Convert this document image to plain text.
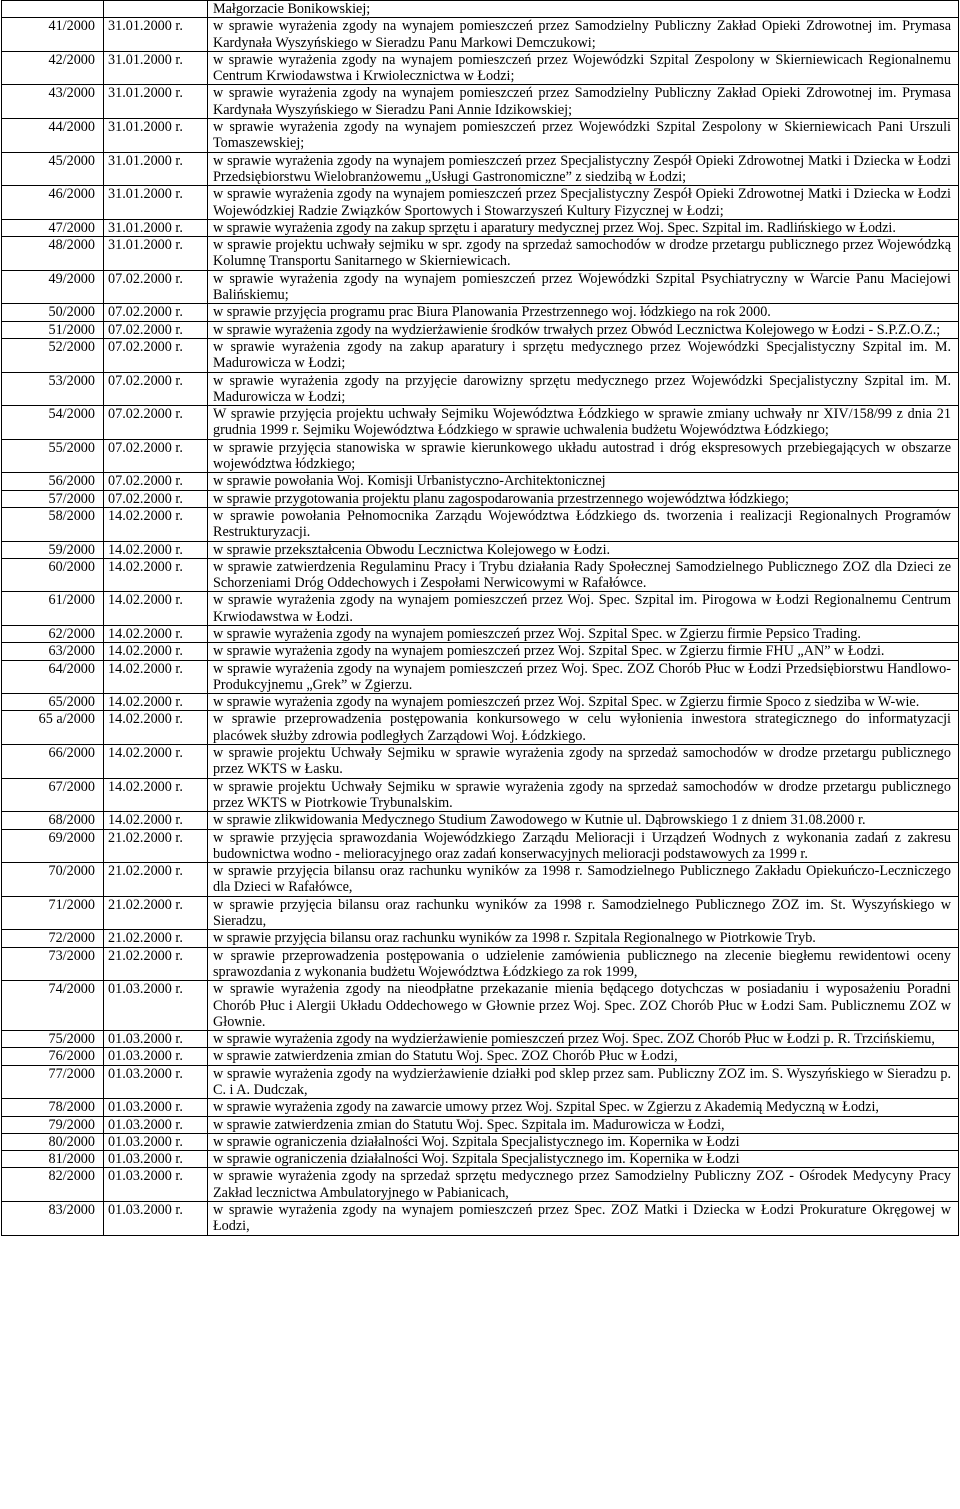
		Małgorzacie Bonikowskiej;
41/2000	31.01.2000 r.	w sprawie wyrażenia zgody na wynajem pomieszczeń przez Samodzielny Publiczny Zakład Opieki Zdrowotnej im. Prymasa Kardynała Wyszyńskiego w Sieradzu Panu Markowi Demczukowi;
42/2000	31.01.2000 r.	w sprawie wyrażenia zgody na wynajem pomieszczeń przez Wojewódzki Szpital Zespolony w Skierniewicach Regionalnemu Centrum Krwiodawstwa i Krwiolecznictwa w Łodzi;
43/2000	31.01.2000 r.	w sprawie wyrażenia zgody na wynajem pomieszczeń przez Samodzielny Publiczny Zakład Opieki Zdrowotnej im. Prymasa Kardynała Wyszyńskiego w Sieradzu Pani Annie Idzikowskiej;
44/2000	31.01.2000 r.	w sprawie wyrażenia zgody na wynajem pomieszczeń przez Wojewódzki Szpital Zespolony w Skierniewicach Pani Urszuli Tomaszewskiej;
45/2000	31.01.2000 r.	w sprawie wyrażenia zgody na wynajem pomieszczeń przez Specjalistyczny Zespół Opieki Zdrowotnej Matki i Dziecka w Łodzi Przedsiębiorstwu Wielobranżowemu „Usługi Gastronomiczne” z siedzibą w Łodzi;
46/2000	31.01.2000 r.	w sprawie wyrażenia zgody na wynajem pomieszczeń przez Specjalistyczny Zespół Opieki Zdrowotnej Matki i Dziecka w Łodzi Wojewódzkiej Radzie Związków Sportowych i Stowarzyszeń Kultury Fizycznej w Łodzi;
47/2000	31.01.2000 r.	w sprawie wyrażenia zgody na zakup sprzętu i aparatury medycznej przez Woj. Spec. Szpital im. Radlińskiego w Łodzi.
48/2000	31.01.2000 r.	w sprawie projektu uchwały sejmiku w spr. zgody na sprzedaż samochodów w drodze przetargu publicznego przez Wojewódzką Kolumnę Transportu Sanitarnego w Skierniewicach.
49/2000	07.02.2000 r.	w sprawie wyrażenia zgody na wynajem pomieszczeń przez Wojewódzki Szpital Psychiatryczny w Warcie Panu Maciejowi Balińskiemu;
50/2000	07.02.2000 r.	w sprawie przyjęcia programu prac Biura Planowania Przestrzennego woj. łódzkiego na rok 2000.
51/2000	07.02.2000 r.	w sprawie wyrażenia zgody na wydzierżawienie środków trwałych przez Obwód Lecznictwa Kolejowego w Łodzi - S.P.Z.O.Z.;
52/2000	07.02.2000 r.	w sprawie wyrażenia zgody na zakup aparatury i sprzętu medycznego przez Wojewódzki Specjalistyczny Szpital im. M. Madurowicza w Łodzi;
53/2000	07.02.2000 r.	w sprawie wyrażenia zgody na przyjęcie darowizny sprzętu medycznego przez Wojewódzki Specjalistyczny Szpital im. M. Madurowicza w Łodzi;
54/2000	07.02.2000 r.	W sprawie przyjęcia projektu uchwały Sejmiku Województwa Łódzkiego w sprawie zmiany uchwały nr XIV/158/99 z dnia 21 grudnia 1999 r. Sejmiku Województwa Łódzkiego w sprawie uchwalenia budżetu Województwa Łódzkiego;
55/2000	07.02.2000 r.	w sprawie przyjęcia stanowiska w sprawie kierunkowego układu autostrad i dróg ekspresowych przebiegających w obszarze województwa łódzkiego;
56/2000	07.02.2000 r.	w sprawie powołania Woj. Komisji Urbanistyczno-Architektonicznej
57/2000	07.02.2000 r.	w sprawie przygotowania projektu planu zagospodarowania przestrzennego województwa łódzkiego;
58/2000	14.02.2000 r.	w sprawie powołania Pełnomocnika Zarządu Województwa Łódzkiego ds. tworzenia i realizacji Regionalnych Programów Restrukturyzacji.
59/2000	14.02.2000 r.	w sprawie przekształcenia Obwodu Lecznictwa Kolejowego w Łodzi.
60/2000	14.02.2000 r.	w sprawie zatwierdzenia Regulaminu Pracy i Trybu działania Rady Społecznej Samodzielnego Publicznego ZOZ dla Dzieci ze Schorzeniami Dróg Oddechowych i Zespołami Nerwicowymi w Rafałówce.
61/2000	14.02.2000 r.	w sprawie wyrażenia zgody na wynajem pomieszczeń przez Woj. Spec. Szpital im. Pirogowa w Łodzi Regionalnemu Centrum Krwiodawstwa w Łodzi.
62/2000	14.02.2000 r.	w sprawie wyrażenia zgody na wynajem pomieszczeń przez Woj. Szpital Spec. w Zgierzu firmie Pepsico Trading.
63/2000	14.02.2000 r.	w sprawie wyrażenia zgody na wynajem pomieszczeń przez Woj. Szpital Spec. w Zgierzu firmie FHU „AN” w Łodzi.
64/2000	14.02.2000 r.	w sprawie wyrażenia zgody na wynajem pomieszczeń przez Woj. Spec. ZOZ Chorób Płuc w Łodzi Przedsiębiorstwu Handlowo-Produkcyjnemu „Grek” w Zgierzu.
65/2000	14.02.2000 r.	w sprawie wyrażenia zgody na wynajem pomieszczeń przez Woj. Szpital Spec. w Zgierzu firmie Spoco z siedziba w W-wie.
65 a/2000	14.02.2000 r.	w sprawie przeprowadzenia postępowania konkursowego w celu wyłonienia inwestora strategicznego do informatyzacji placówek służby zdrowia podległych Zarządowi Woj. Łódzkiego.
66/2000	14.02.2000 r.	w sprawie projektu Uchwały Sejmiku w sprawie wyrażenia zgody na sprzedaż samochodów w drodze przetargu publicznego przez WKTS w Łasku.
67/2000	14.02.2000 r.	w sprawie projektu Uchwały Sejmiku w sprawie wyrażenia zgody na sprzedaż samochodów w drodze przetargu publicznego przez WKTS w Piotrkowie Trybunalskim.
68/2000	14.02.2000 r.	w sprawie zlikwidowania Medycznego Studium Zawodowego w Kutnie ul. Dąbrowskiego 1 z dniem 31.08.2000 r.
69/2000	21.02.2000 r.	w sprawie przyjęcia sprawozdania Wojewódzkiego Zarządu Melioracji i Urządzeń Wodnych z wykonania zadań z zakresu budownictwa wodno - melioracyjnego oraz zadań konserwacyjnych melioracji podstawowych za 1999 r.
70/2000	21.02.2000 r.	w sprawie przyjęcia bilansu oraz rachunku wyników za 1998 r. Samodzielnego Publicznego Zakładu Opiekuńczo-Leczniczego dla Dzieci w Rafałówce,
71/2000	21.02.2000 r.	w sprawie przyjęcia bilansu oraz rachunku wyników za 1998 r. Samodzielnego Publicznego ZOZ im. St. Wyszyńskiego w Sieradzu,
72/2000	21.02.2000 r.	w sprawie przyjęcia bilansu oraz rachunku wyników za 1998 r. Szpitala Regionalnego w Piotrkowie Tryb.
73/2000	21.02.2000 r.	w sprawie przeprowadzenia postępowania o udzielenie zamówienia publicznego na zlecenie biegłemu rewidentowi oceny sprawozdania z wykonania budżetu Województwa Łódzkiego za rok 1999,
74/2000	01.03.2000 r.	w sprawie wyrażenia zgody na nieodpłatne przekazanie mienia będącego dotychczas w posiadaniu i wyposażeniu Poradni Chorób Płuc i Alergii Układu Oddechowego w Głownie przez Woj. Spec. ZOZ Chorób Płuc w Łodzi Sam. Publicznemu ZOZ w Głownie.
75/2000	01.03.2000 r.	w sprawie wyrażenia zgody na wydzierżawienie pomieszczeń przez Woj. Spec. ZOZ Chorób Płuc w Łodzi p. R. Trzcińskiemu,
76/2000	01.03.2000 r.	w sprawie zatwierdzenia zmian do Statutu Woj. Spec. ZOZ Chorób Płuc w Łodzi,
77/2000	01.03.2000 r.	w sprawie wyrażenia zgody na wydzierżawienie działki pod sklep przez sam. Publiczny ZOZ im. S. Wyszyńskiego w Sieradzu p. C. i A. Dudczak,
78/2000	01.03.2000 r.	w sprawie wyrażenia zgody na zawarcie umowy przez Woj. Szpital Spec. w Zgierzu z Akademią Medyczną w Łodzi,
79/2000	01.03.2000 r.	w sprawie zatwierdzenia zmian do Statutu Woj. Spec. Szpitala im. Madurowicza w Łodzi,
80/2000	01.03.2000 r.	w sprawie ograniczenia działalności Woj. Szpitala Specjalistycznego im. Kopernika w Łodzi
81/2000	01.03.2000 r.	w sprawie ograniczenia działalności Woj. Szpitala Specjalistycznego im. Kopernika w Łodzi
82/2000	01.03.2000 r.	w sprawie wyrażenia zgody na sprzedaż sprzętu medycznego przez Samodzielny Publiczny ZOZ - Ośrodek Medycyny Pracy Zakład lecznictwa Ambulatoryjnego w Pabianicach,
83/2000	01.03.2000 r.	w sprawie wyrażenia zgody na wynajem pomieszczeń przez Spec. ZOZ Matki i Dziecka w Łodzi Prokurature Okręgowej w Łodzi,
